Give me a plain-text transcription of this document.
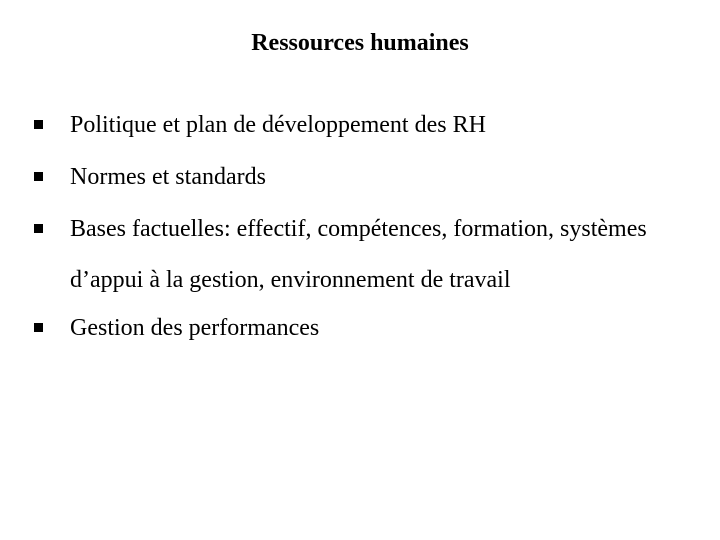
Ressources humaines
Politique et plan de développement des RH
Normes et standards
Bases factuelles: effectif, compétences, formation, systèmes d’appui à la gestion, environnement de travail
Gestion des performances
